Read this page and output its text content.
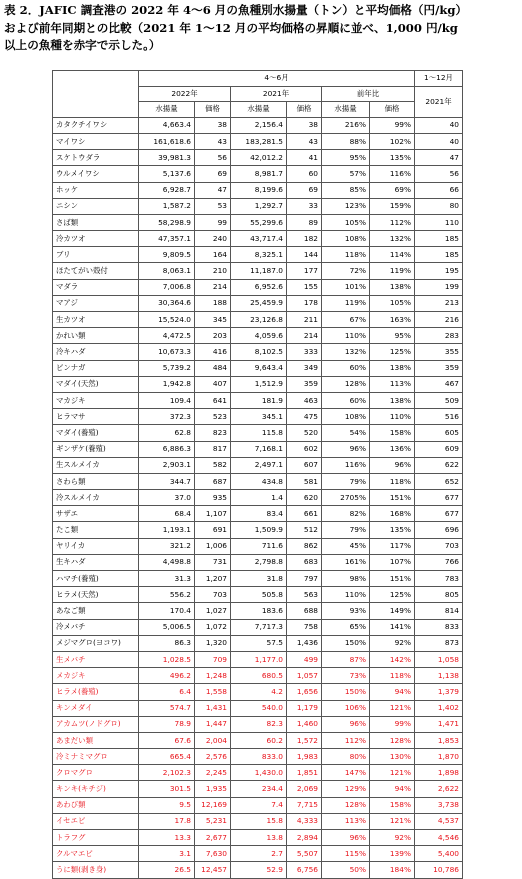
表 2．JAFIC 調査港の 2022 年 4～6 月の魚種別水揚量（トン）と平均価格（円/kg）
および前年同期との比較（2021 年 1～12 月の平均価格の昇順に並べ、1,000 円/kg
以上の魚種を赤字で示した。）
	4～6月						1～12月
	2022年		2021年		前年比		2021年
	水揚量	価格	水揚量	価格	水揚量	価格	
カタクチイワシ	4,663.4	38	2,156.4	38	216%	99%	40
マイワシ	161,618.6	43	183,281.5	43	88%	102%	40
スケトウダラ	39,981.3	56	42,012.2	41	95%	135%	47
ウルメイワシ	5,137.6	69	8,981.7	60	57%	116%	56
ホッケ	6,928.7	47	8,199.6	69	85%	69%	66
ニシン	1,587.2	53	1,292.7	33	123%	159%	80
さば類	58,298.9	99	55,299.6	89	105%	112%	110
冷カツオ	47,357.1	240	43,717.4	182	108%	132%	185
ブリ	9,809.5	164	8,325.1	144	118%	114%	185
ほたてがい殻付	8,063.1	210	11,187.0	177	72%	119%	195
マダラ	7,006.8	214	6,952.6	155	101%	138%	199
マアジ	30,364.6	188	25,459.9	178	119%	105%	213
生カツオ	15,524.0	345	23,126.8	211	67%	163%	216
かれい類	4,472.5	203	4,059.6	214	110%	95%	283
冷キハダ	10,673.3	416	8,102.5	333	132%	125%	355
ビンナガ	5,739.2	484	9,643.4	349	60%	138%	359
マダイ(天然)	1,942.8	407	1,512.9	359	128%	113%	467
マカジキ	109.4	641	181.9	463	60%	138%	509
ヒラマサ	372.3	523	345.1	475	108%	110%	516
マダイ(養殖)	62.8	823	115.8	520	54%	158%	605
ギンザケ(養殖)	6,886.3	817	7,168.1	602	96%	136%	609
生スルメイカ	2,903.1	582	2,497.1	607	116%	96%	622
さわら類	344.7	687	434.8	581	79%	118%	652
冷スルメイカ	37.0	935	1.4	620	2705%	151%	677
サザエ	68.4	1,107	83.4	661	82%	168%	677
たこ類	1,193.1	691	1,509.9	512	79%	135%	696
ヤリイカ	321.2	1,006	711.6	862	45%	117%	703
生キハダ	4,498.8	731	2,798.8	683	161%	107%	766
ハマチ(養殖)	31.3	1,207	31.8	797	98%	151%	783
ヒラメ(天然)	556.2	703	505.8	563	110%	125%	805
あなご類	170.4	1,027	183.6	688	93%	149%	814
冷メバチ	5,006.5	1,072	7,717.3	758	65%	141%	833
メジマグロ(ヨコワ)	86.3	1,320	57.5	1,436	150%	92%	873
生メバチ	1,028.5	709	1,177.0	499	87%	142%	1,058
メカジキ	496.2	1,248	680.5	1,057	73%	118%	1,138
ヒラメ(養殖)	6.4	1,558	4.2	1,656	150%	94%	1,379
キンメダイ	574.7	1,431	540.0	1,179	106%	121%	1,402
アカムツ(ノドグロ)	78.9	1,447	82.3	1,460	96%	99%	1,471
あまだい類	67.6	2,004	60.2	1,572	112%	128%	1,853
冷ミナミマグロ	665.4	2,576	833.0	1,983	80%	130%	1,870
クロマグロ	2,102.3	2,245	1,430.0	1,851	147%	121%	1,898
キンキ(キチジ)	301.5	1,935	234.4	2,069	129%	94%	2,622
あわび類	9.5	12,169	7.4	7,715	128%	158%	3,738
イセエビ	17.8	5,231	15.8	4,333	113%	121%	4,537
トラフグ	13.3	2,677	13.8	2,894	96%	92%	4,546
クルマエビ	3.1	7,630	2.7	5,507	115%	139%	5,400
うに類(剥き身)	26.5	12,457	52.9	6,756	50%	184%	10,786
